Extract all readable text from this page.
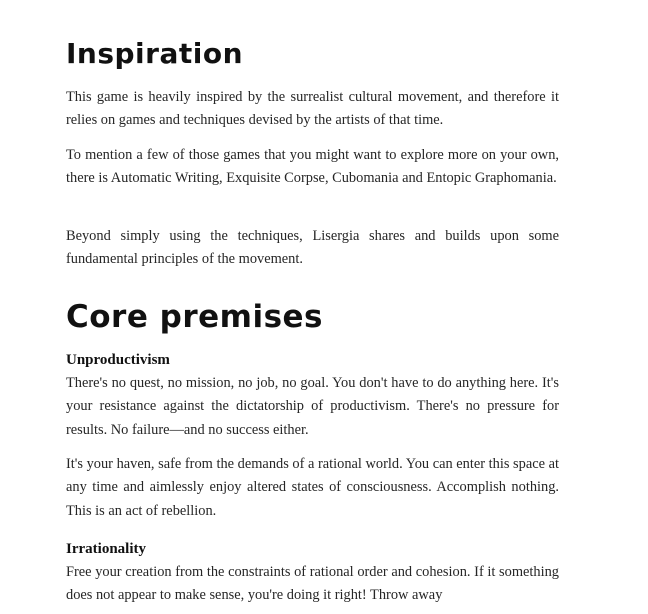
Inspiration

This game is heavily inspired by the surrealist cultural movement, and therefore it relies on games and techniques devised by the artists of that time.

To mention a few of those games that you might want to explore more on your own, there is Automatic Writing, Exquisite Corpse, Cubomania and Entopic Graphomania.

Beyond simply using the techniques, Lisergia shares and builds upon some fundamental principles of the movement.

Core premises
Unproductivism

There's no quest, no mission, no job, no goal. You don't have to do anything here. It's your resistance against the dictatorship of productivism. There's no pressure for results. No failure—and no success either.

It's your haven, safe from the demands of a rational world. You can enter this space at any time and aimlessly enjoy altered states of consciousness. Accomplish nothing. This is an act of rebellion.

Irrationality

Free your creation from the constraints of rational order and cohesion. If it something does not appear to make sense, you're doing it right! Throw away
